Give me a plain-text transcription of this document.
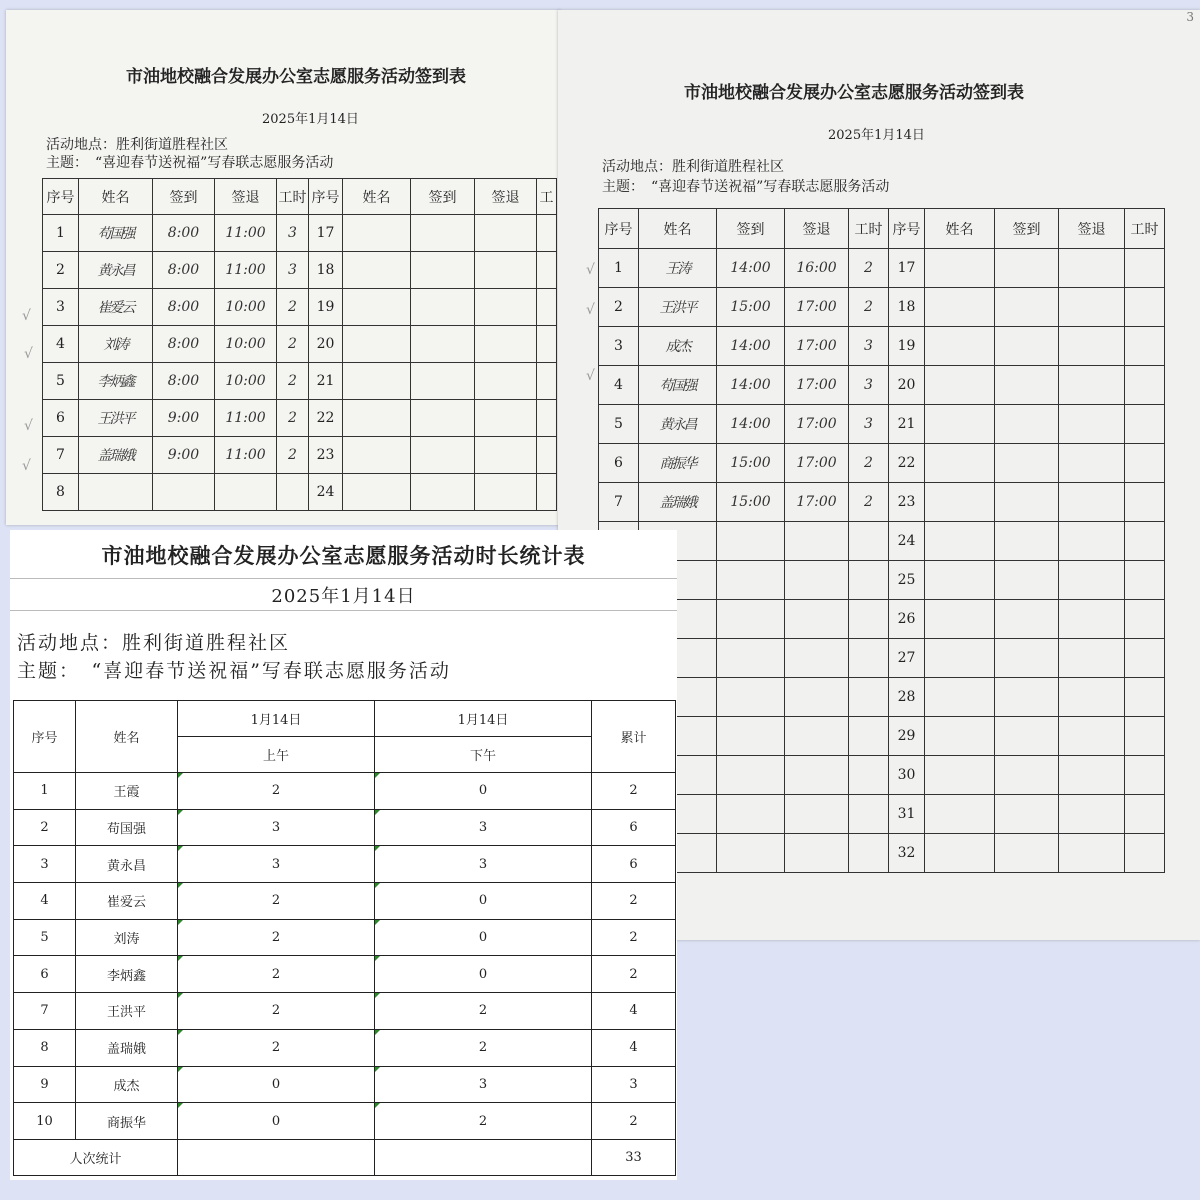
市油地校融合发展办公室志愿服务活动签到表
2025年1月14日
活动地点：胜利街道胜程社区
主题：　“喜迎春节送祝福”写春联志愿服务活动
序号	姓名	签到	签退	工时	序号	姓名	签到	签退	工
1	苟国强	8:00	11:00	3	17				
2	黄永昌	8:00	11:00	3	18				
3	崔爱云	8:00	10:00	2	19				
4	刘涛	8:00	10:00	2	20				
5	李炳鑫	8:00	10:00	2	21				
6	王洪平	9:00	11:00	2	22				
7	盖瑞娥	9:00	11:00	2	23				
8					24				
√
√
√
√
3
市油地校融合发展办公室志愿服务活动签到表
2025年1月14日
活动地点：胜利街道胜程社区
主题：　“喜迎春节送祝福”写春联志愿服务活动
序号	姓名	签到	签退	工时	序号	姓名	签到	签退	工时
1	王涛	14:00	16:00	2	17				
2	王洪平	15:00	17:00	2	18				
3	成杰	14:00	17:00	3	19				
4	苟国强	14:00	17:00	3	20				
5	黄永昌	14:00	17:00	3	21				
6	商振华	15:00	17:00	2	22				
7	盖瑞娥	15:00	17:00	2	23				
					24				
					25				
					26				
					27				
					28				
					29				
					30				
					31				
					32				
√
√
√
市油地校融合发展办公室志愿服务活动时长统计表
2025年1月14日
活动地点：胜利街道胜程社区
主题：　“喜迎春节送祝福”写春联志愿服务活动
序号	姓名	1月14日	1月14日	累计
		上午	下午	
1	王霞	2	0	2
2	苟国强	3	3	6
3	黄永昌	3	3	6
4	崔爱云	2	0	2
5	刘涛	2	0	2
6	李炳鑫	2	0	2
7	王洪平	2	2	4
8	盖瑞娥	2	2	4
9	成杰	0	3	3
10	商振华	0	2	2
人次统计				33
